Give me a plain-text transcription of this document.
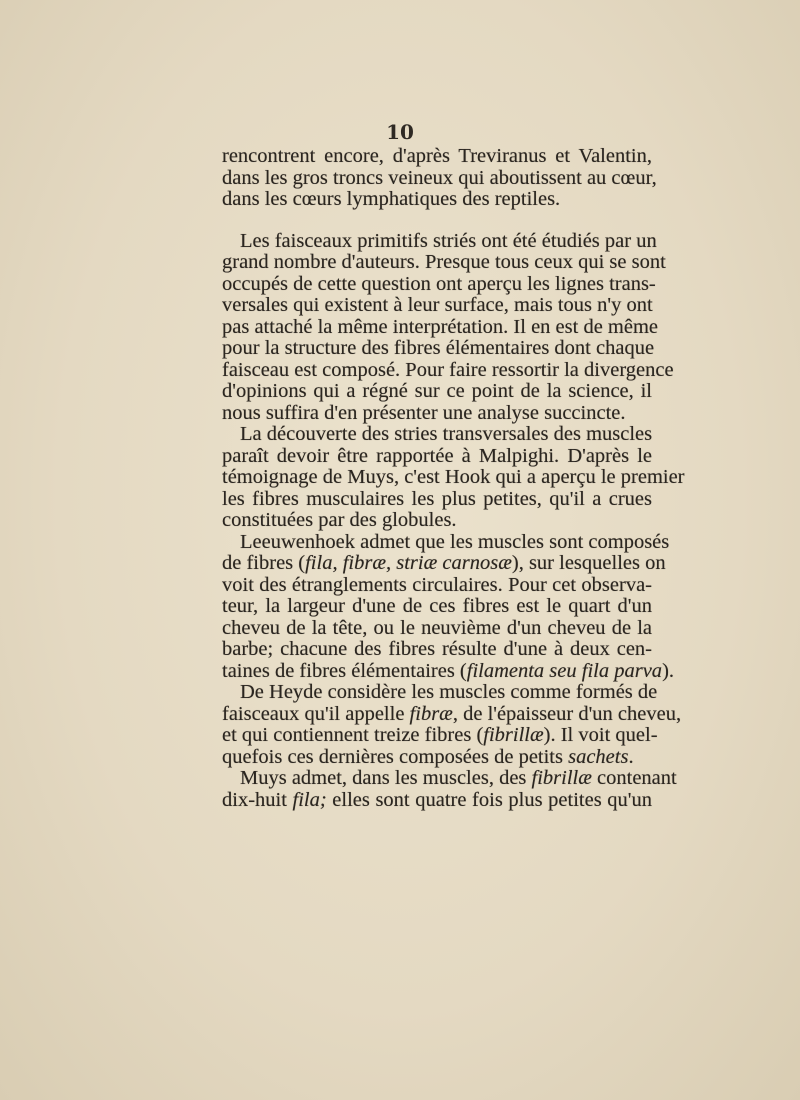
10
rencontrent encore, d'après Treviranus et Valentin,
dans les gros troncs veineux qui aboutissent au cœur,
dans les cœurs lymphatiques des reptiles.
Les faisceaux primitifs striés ont été étudiés par un
grand nombre d'auteurs. Presque tous ceux qui se sont
occupés de cette question ont aperçu les lignes trans-
versales qui existent à leur surface, mais tous n'y ont
pas attaché la même interprétation. Il en est de même
pour la structure des fibres élémentaires dont chaque
faisceau est composé. Pour faire ressortir la divergence
d'opinions qui a régné sur ce point de la science, il
nous suffira d'en présenter une analyse succincte.
La découverte des stries transversales des muscles
paraît devoir être rapportée à Malpighi. D'après le
témoignage de Muys, c'est Hook qui a aperçu le premier
les fibres musculaires les plus petites, qu'il a crues
constituées par des globules.
Leeuwenhoek admet que les muscles sont composés
de fibres (fila, fibræ, striæ carnosæ), sur lesquelles on
voit des étranglements circulaires. Pour cet observa-
teur, la largeur d'une de ces fibres est le quart d'un
cheveu de la tête, ou le neuvième d'un cheveu de la
barbe; chacune des fibres résulte d'une à deux cen-
taines de fibres élémentaires (filamenta seu fila parva).
De Heyde considère les muscles comme formés de
faisceaux qu'il appelle fibræ, de l'épaisseur d'un cheveu,
et qui contiennent treize fibres (fibrillæ). Il voit quel-
quefois ces dernières composées de petits sachets.
Muys admet, dans les muscles, des fibrillæ contenant
dix-huit fila; elles sont quatre fois plus petites qu'un
